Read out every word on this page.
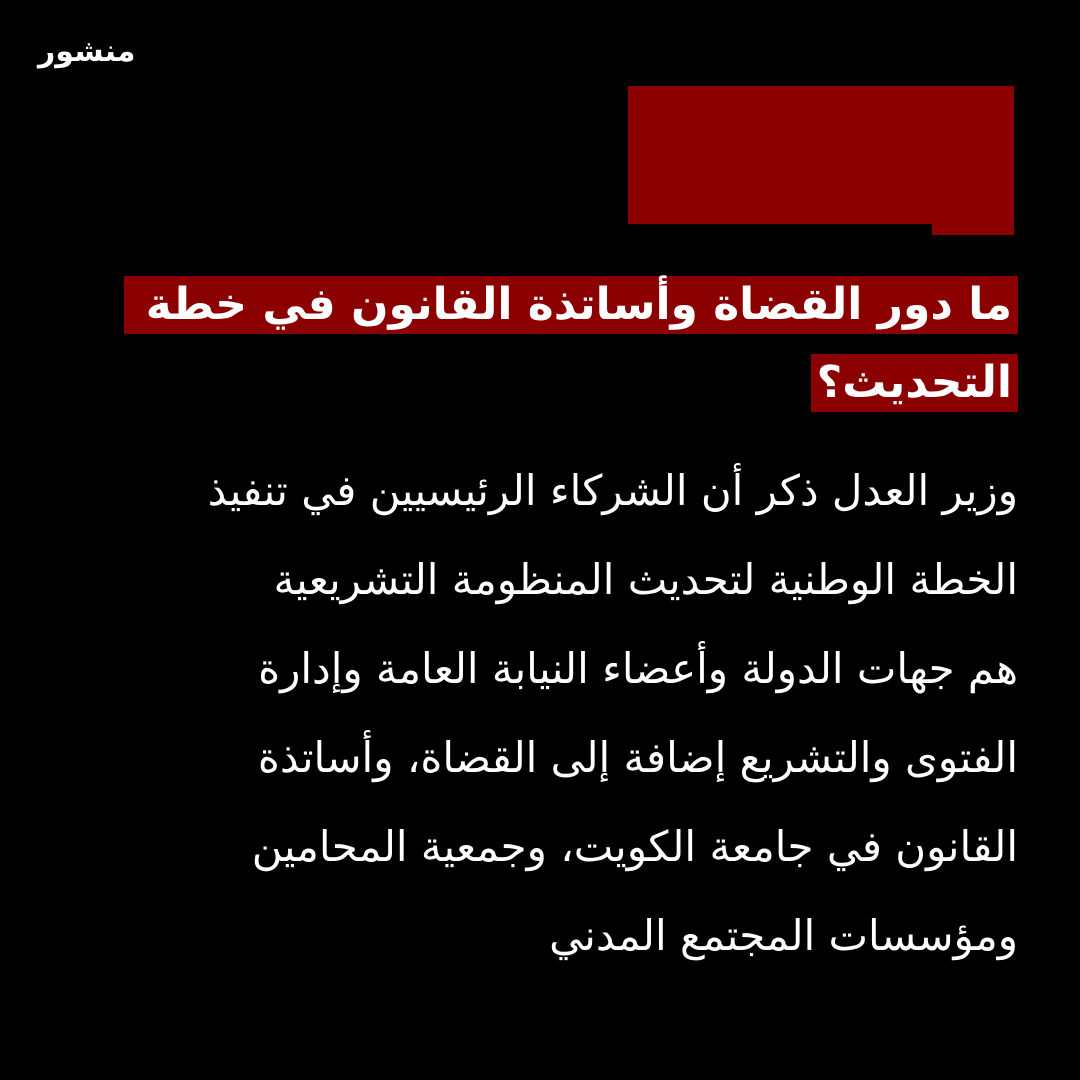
منشور
ما دور القضاة وأساتذة القانون في خطة
التحديث؟
وزير العدل ذكر أن الشركاء الرئيسيين في تنفيذ
الخطة الوطنية لتحديث المنظومة التشريعية
هم جهات الدولة وأعضاء النيابة العامة وإدارة
الفتوى والتشريع إضافة إلى القضاة، وأساتذة
القانون في جامعة الكويت، وجمعية المحامين
ومؤسسات المجتمع المدني
